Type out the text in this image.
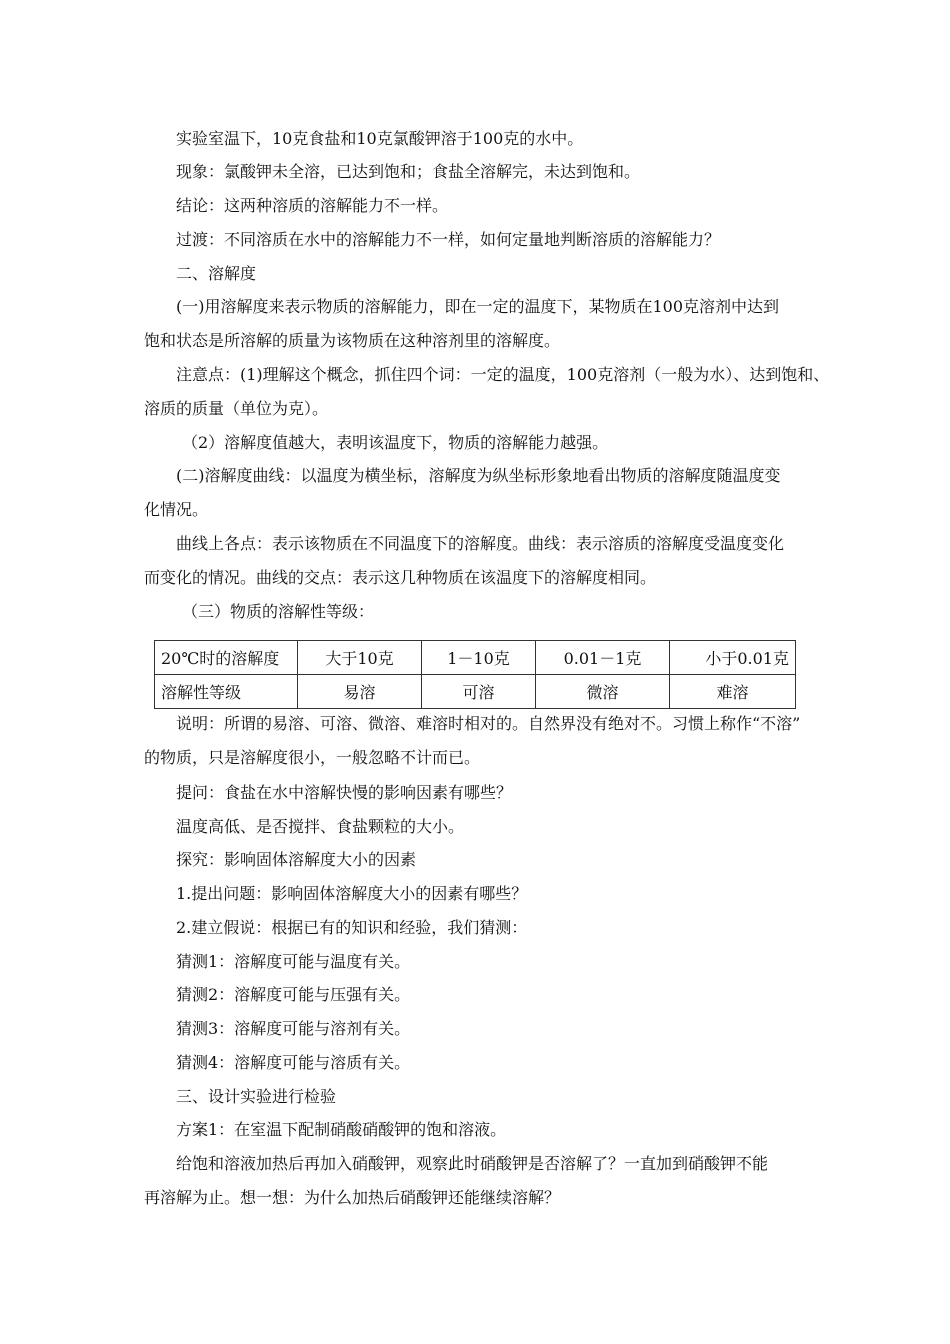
实验室温下，10克食盐和10克氯酸钾溶于100克的水中。
现象：氯酸钾未全溶，已达到饱和；食盐全溶解完，未达到饱和。
结论：这两种溶质的溶解能力不一样。
过渡：不同溶质在水中的溶解能力不一样，如何定量地判断溶质的溶解能力？
二、溶解度
(一)用溶解度来表示物质的溶解能力，即在一定的温度下，某物质在100克溶剂中达到
饱和状态是所溶解的质量为该物质在这种溶剂里的溶解度。
注意点：(1)理解这个概念，抓住四个词：一定的温度，100克溶剂（一般为水）、达到饱和、
溶质的质量（单位为克）。
（2）溶解度值越大，表明该温度下，物质的溶解能力越强。
(二)溶解度曲线：以温度为横坐标，溶解度为纵坐标形象地看出物质的溶解度随温度变
化情况。
曲线上各点：表示该物质在不同温度下的溶解度。曲线：表示溶质的溶解度受温度变化
而变化的情况。曲线的交点：表示这几种物质在该温度下的溶解度相同。
（三）物质的溶解性等级：
20℃时的溶解度	大于10克	1－10克	0.01－1克	小于0.01克
溶解性等级	易溶	可溶	微溶	难溶
说明：所谓的易溶、可溶、微溶、难溶时相对的。自然界没有绝对不。习惯上称作“不溶”
的物质，只是溶解度很小，一般忽略不计而已。
提问：食盐在水中溶解快慢的影响因素有哪些？
温度高低、是否搅拌、食盐颗粒的大小。
探究：影响固体溶解度大小的因素
1.提出问题：影响固体溶解度大小的因素有哪些？
2.建立假说：根据已有的知识和经验，我们猜测：
猜测1：溶解度可能与温度有关。
猜测2：溶解度可能与压强有关。
猜测3：溶解度可能与溶剂有关。
猜测4：溶解度可能与溶质有关。
三、设计实验进行检验
方案1：在室温下配制硝酸硝酸钾的饱和溶液。
给饱和溶液加热后再加入硝酸钾，观察此时硝酸钾是否溶解了？一直加到硝酸钾不能
再溶解为止。想一想：为什么加热后硝酸钾还能继续溶解？
